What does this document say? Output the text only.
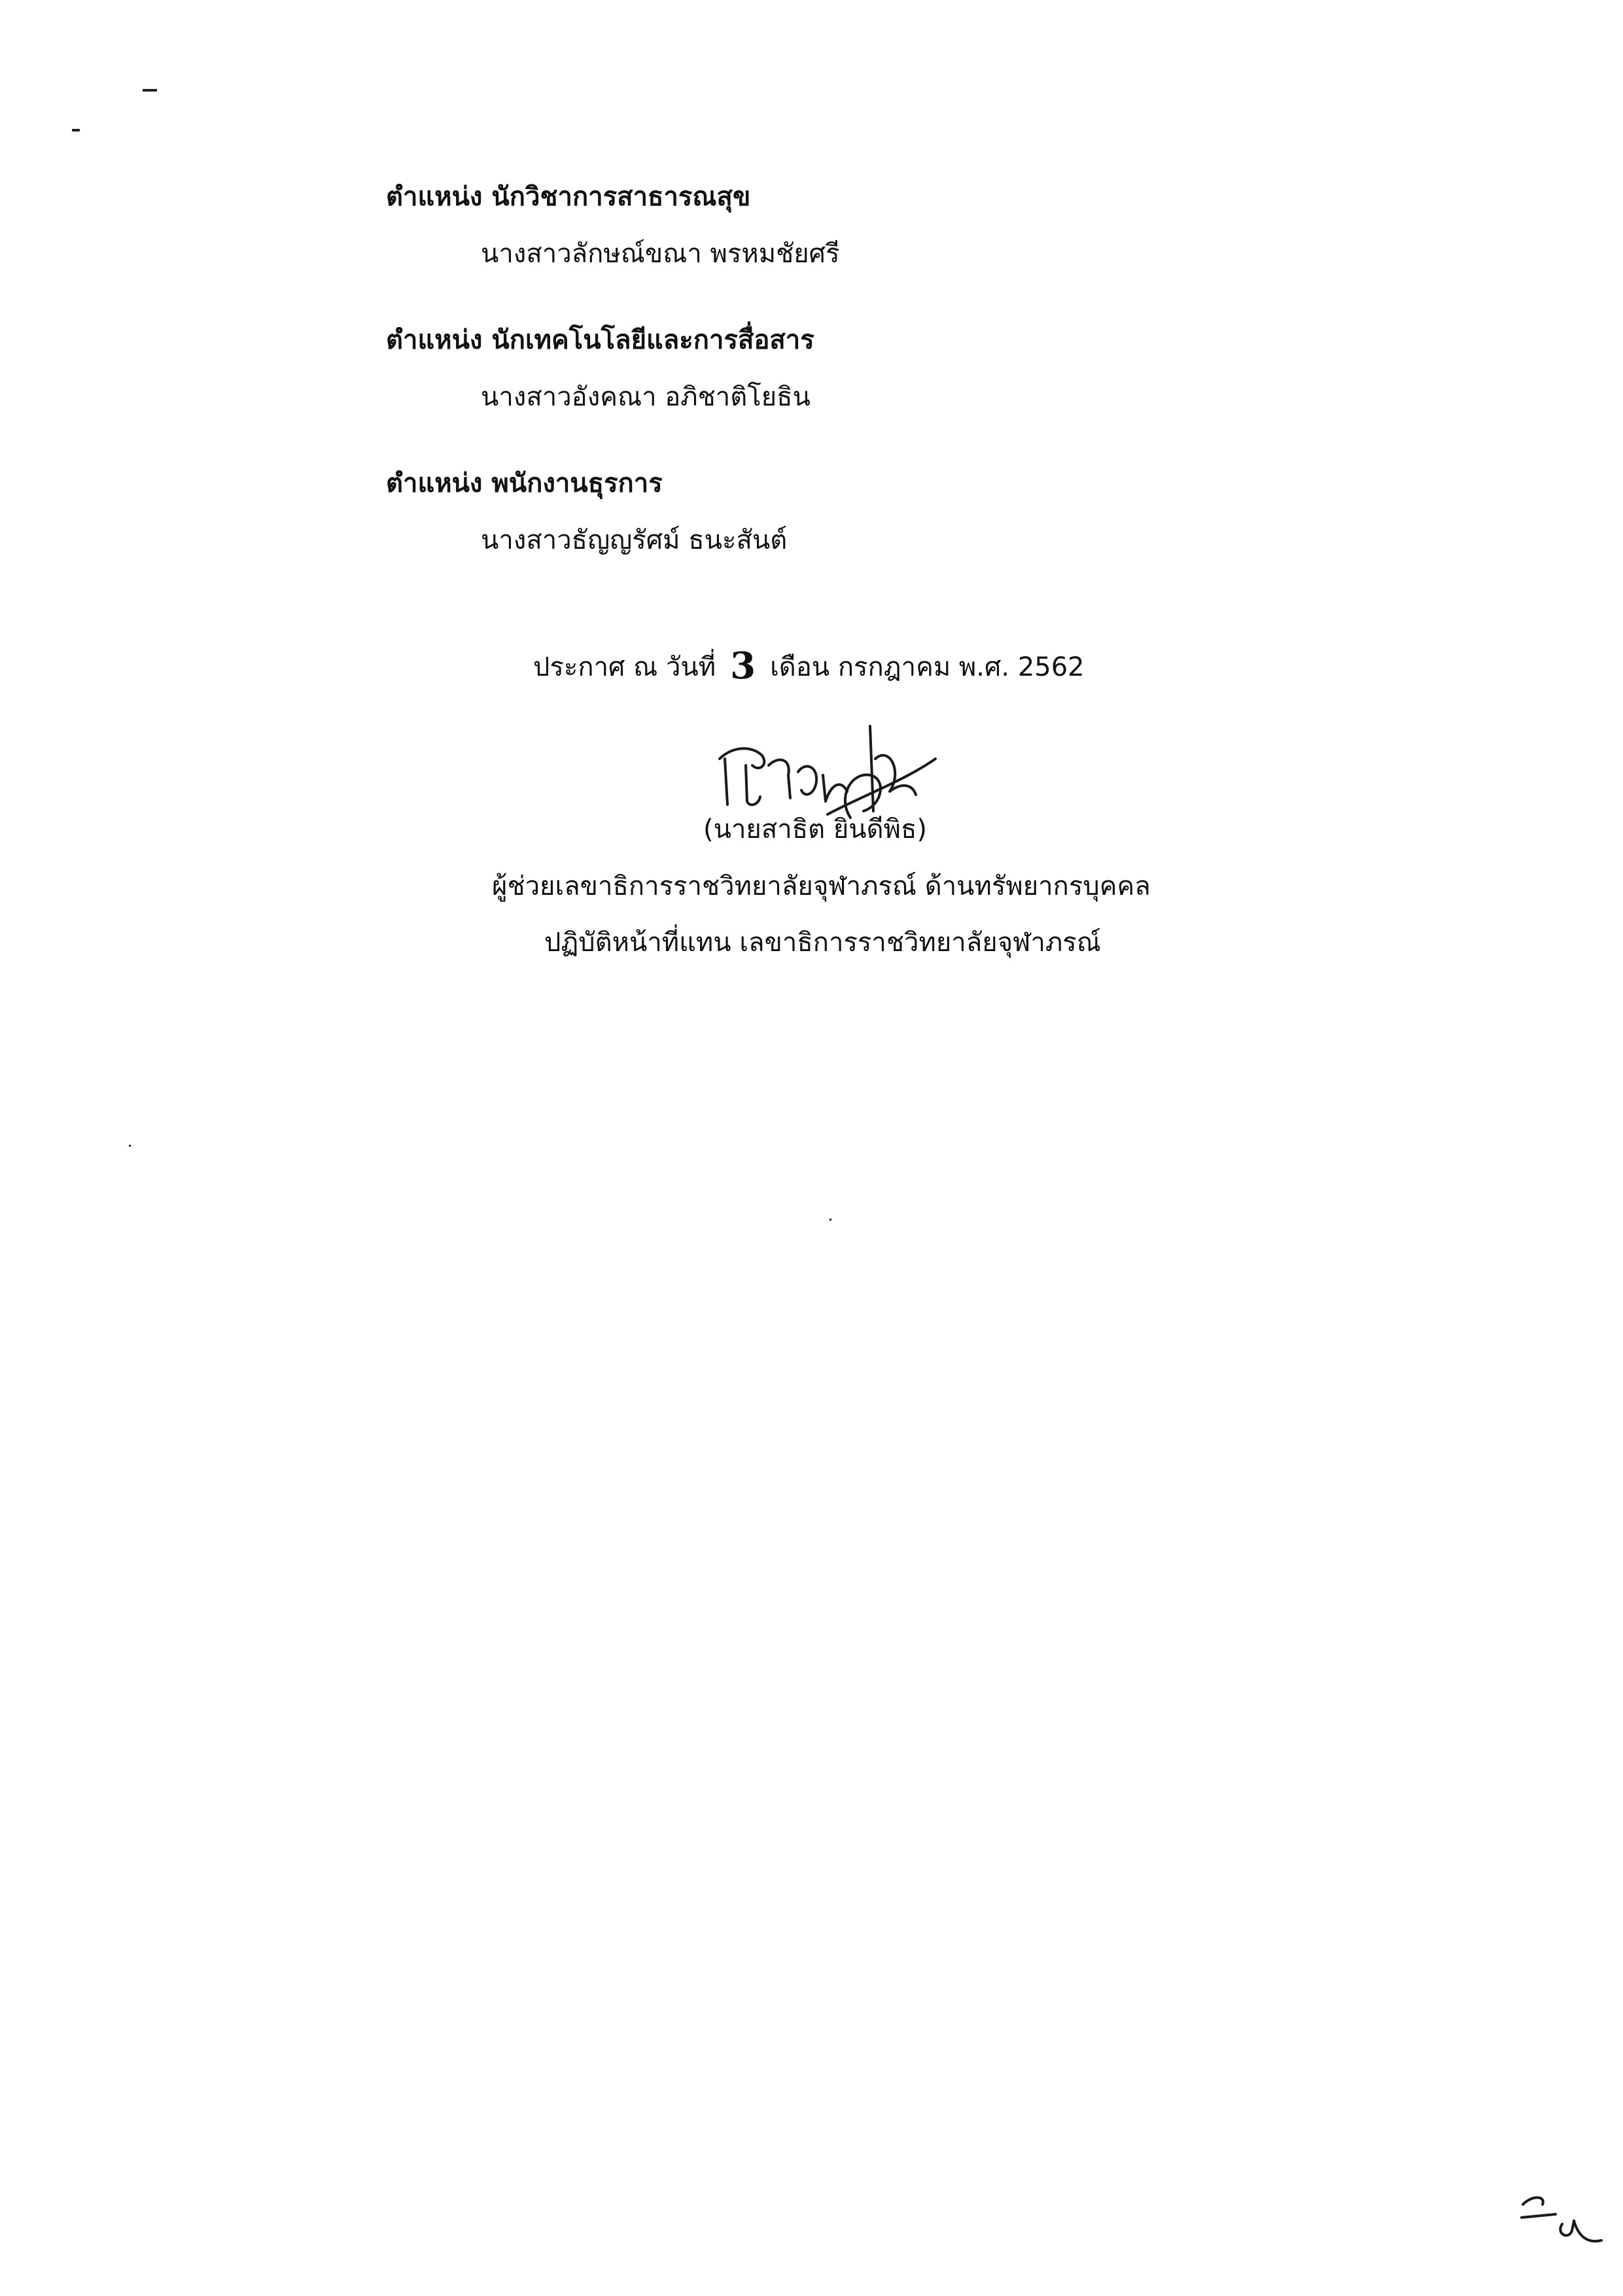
ตำแหน่ง นักวิชาการสาธารณสุข
นางสาวลักษณ์ขณา พรหมชัยศรี
ตำแหน่ง นักเทคโนโลยีและการสื่อสาร
นางสาวอังคณา อภิชาติโยธิน
ตำแหน่ง พนักงานธุรการ
นางสาวธัญญรัศม์ ธนะสันต์
ประกาศ ณ วันที่ 3 เดือน กรกฎาคม พ.ศ. 2562
(นายสาธิต ยินดีพิธ)
ผู้ช่วยเลขาธิการราชวิทยาลัยจุฬาภรณ์ ด้านทรัพยากรบุคคล
ปฏิบัติหน้าที่แทน เลขาธิการราชวิทยาลัยจุฬาภรณ์
